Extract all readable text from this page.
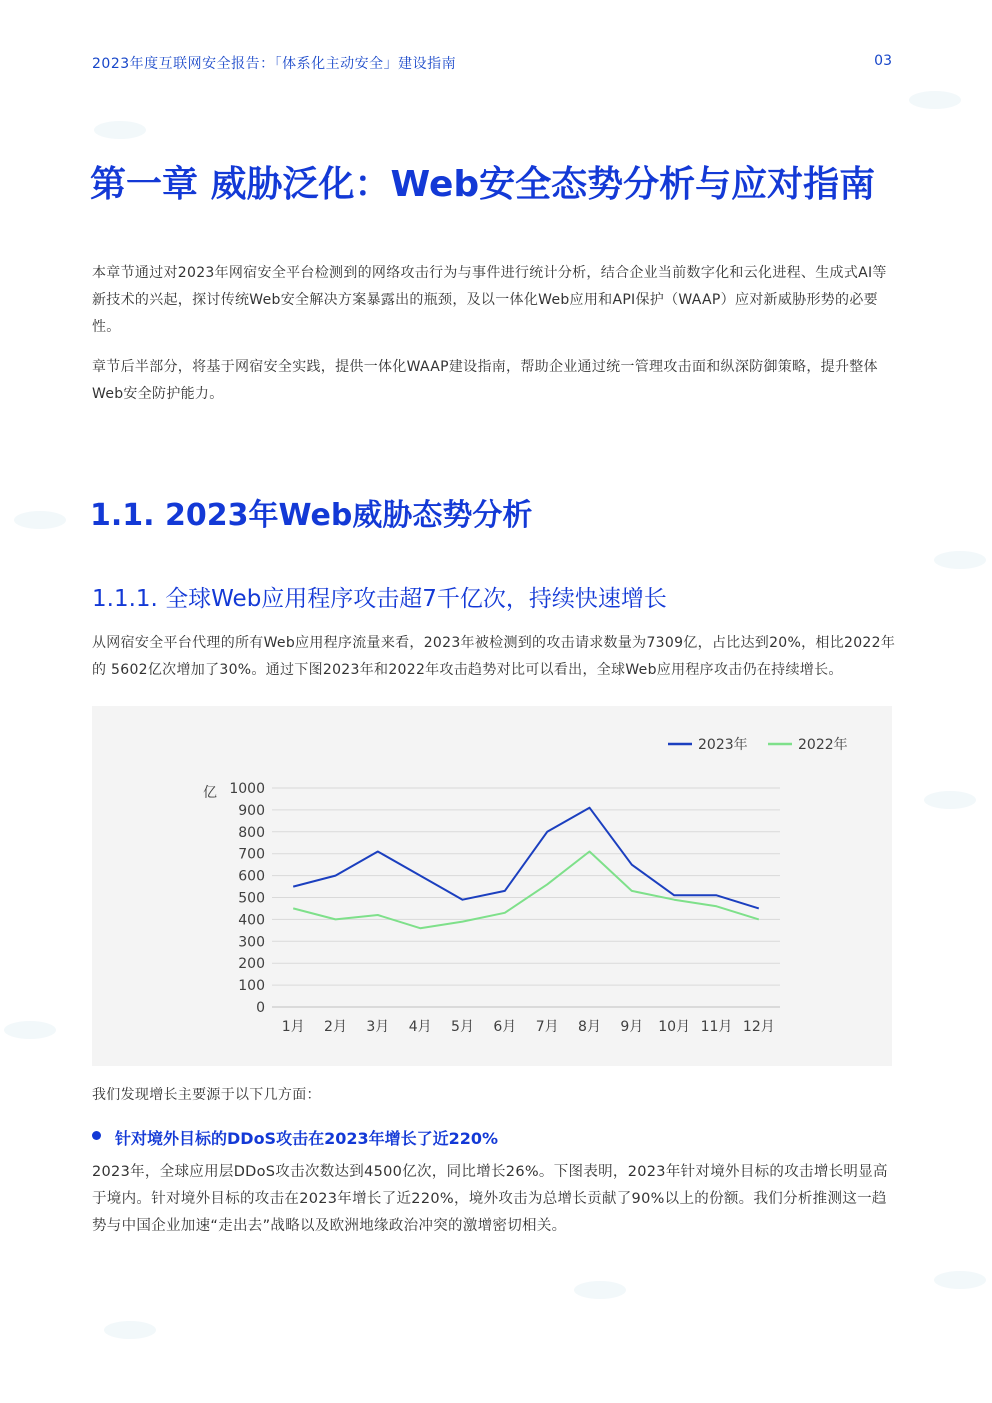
2023年度互联网安全报告：「体系化主动安全」建设指南	03
第一章 威胁泛化：Web安全态势分析与应对指南

本章节通过对2023年网宿安全平台检测到的网络攻击行为与事件进行统计分析，结合企业当前数字化和云化进程、生成式AI等新技术的兴起，探讨传统Web安全解决方案暴露出的瓶颈，及以一体化Web应用和API保护（WAAP）应对新威胁形势的必要性。

章节后半部分，将基于网宿安全实践，提供一体化WAAP建设指南，帮助企业通过统一管理攻击面和纵深防御策略，提升整体Web安全防护能力。

1.1. 2023年Web威胁态势分析
1.1.1. 全球Web应用程序攻击超7千亿次，持续快速增长

从网宿安全平台代理的所有Web应用程序流量来看，2023年被检测到的攻击请求数量为7309亿，占比达到20%，相比2022年的 5602亿次增加了30%。通过下图2023年和2022年攻击趋势对比可以看出，全球Web应用程序攻击仍在持续增长。

0
100
200
300
400
500
600
700
800
900
1000
亿
1月 2月 3月 4月 5月 6月 7月 8月 9月 10月 11月 12月
2023年	2022年

我们发现增长主要源于以下几方面：

针对境外目标的DDoS攻击在2023年增长了近220%

2023年，全球应用层DDoS攻击次数达到4500亿次，同比增长26%。下图表明，2023年针对境外目标的攻击增长明显高于境内。针对境外目标的攻击在2023年增长了近220%，境外攻击为总增长贡献了90%以上的份额。我们分析推测这一趋势与中国企业加速“走出去”战略以及欧洲地缘政治冲突的激增密切相关。
